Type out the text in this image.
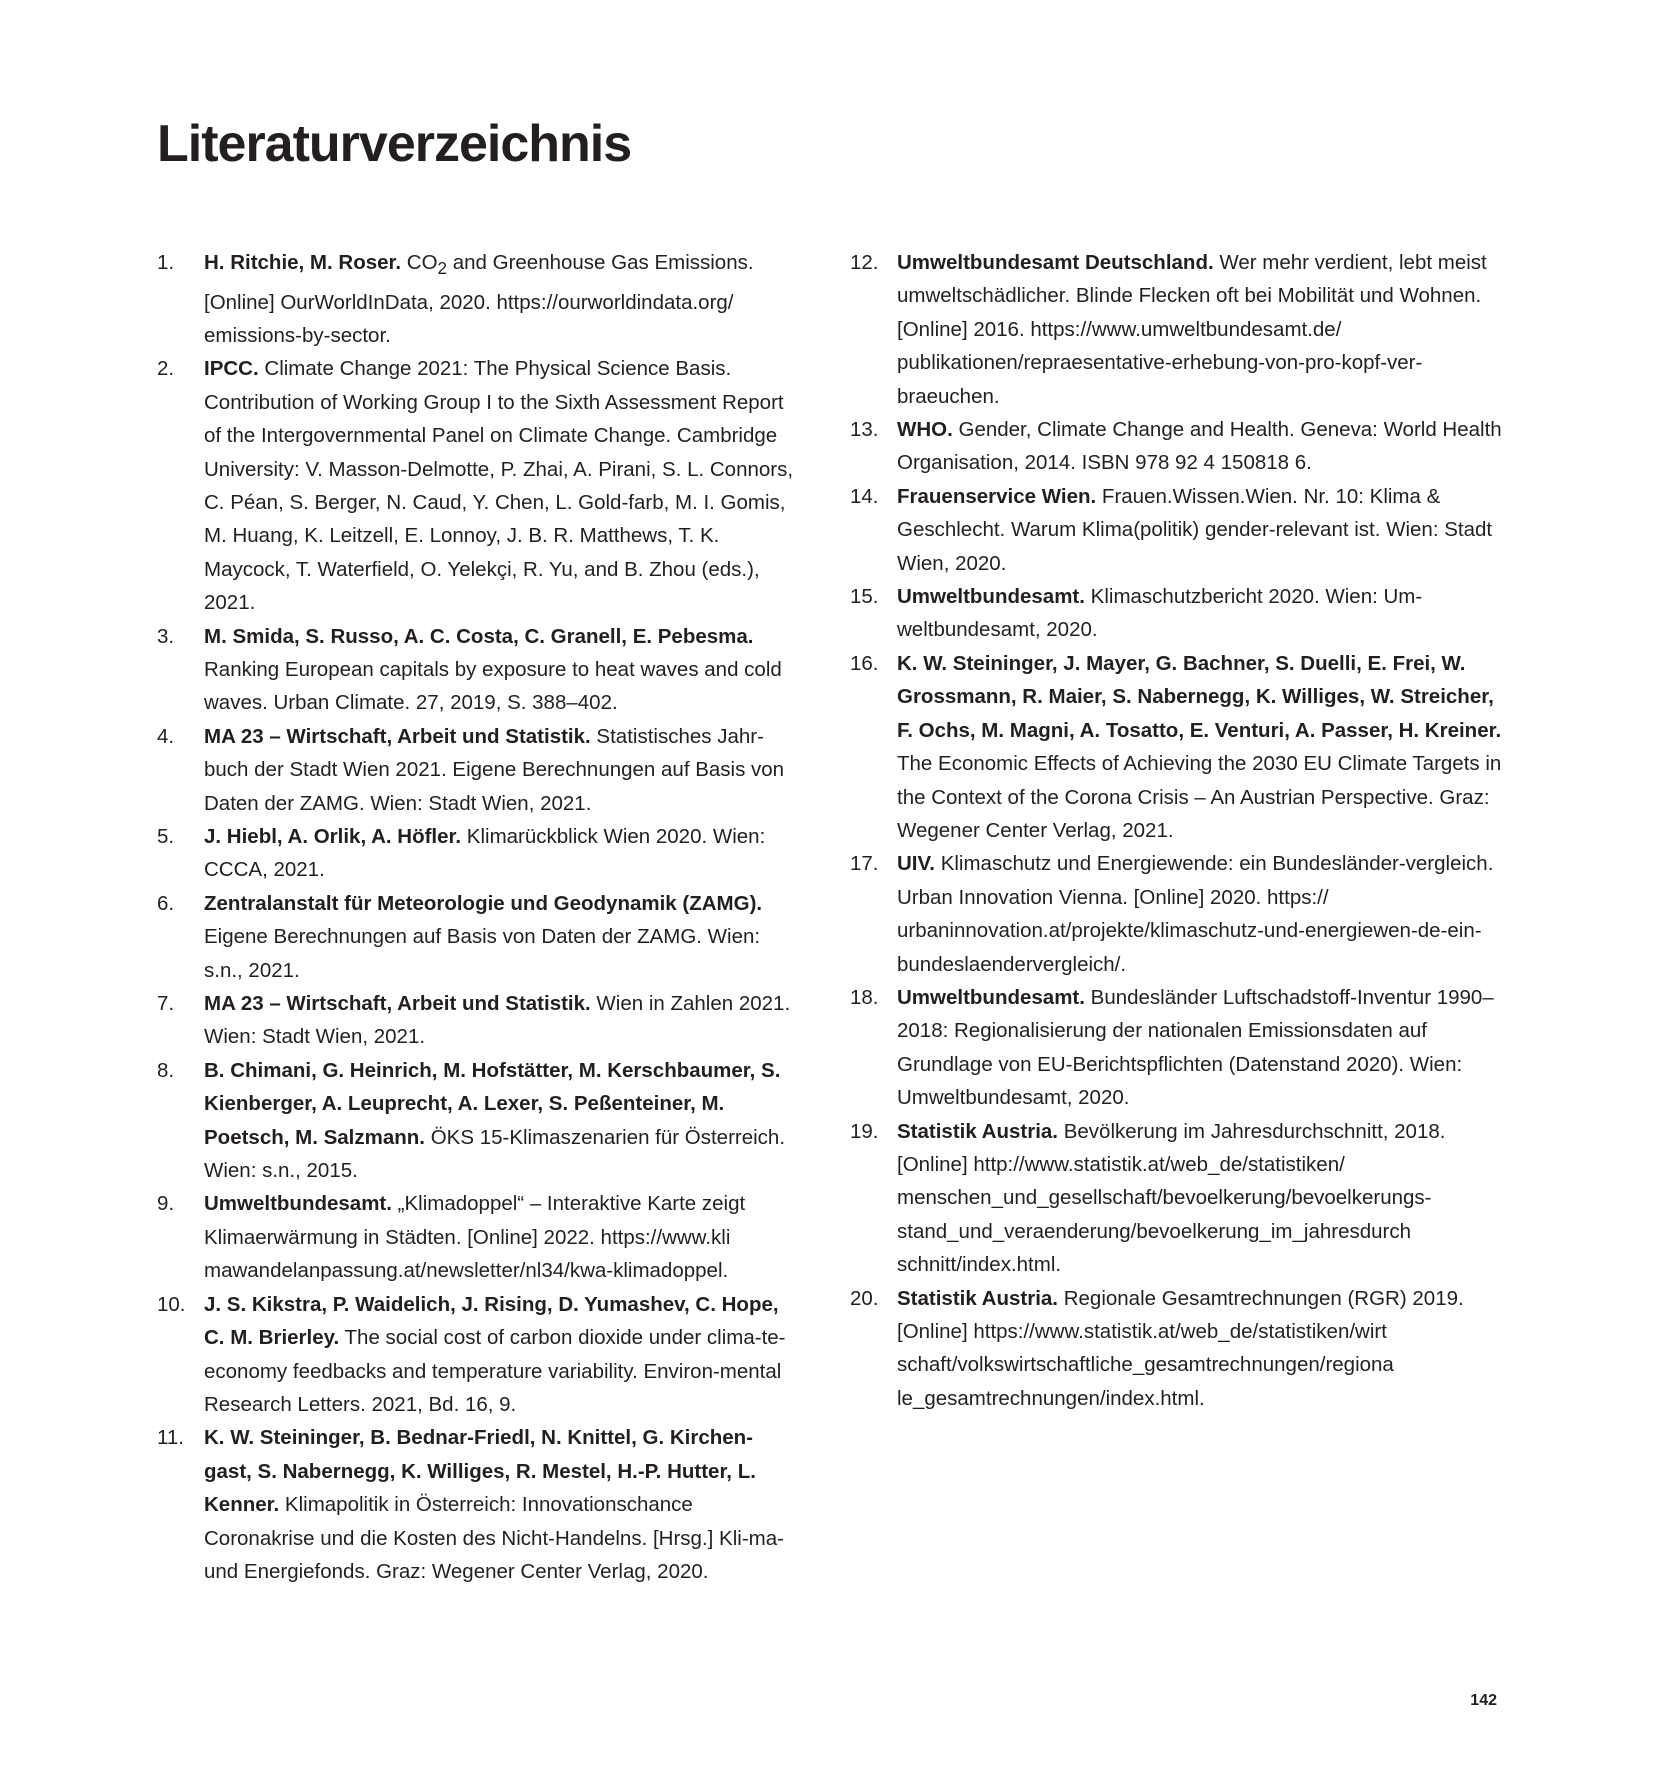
Literaturverzeichnis
1. H. Ritchie, M. Roser. $CO_2$ and Greenhouse Gas Emissions. [Online] OurWorldInData, 2020. https://ourworldindata.org/ emissions-by-sector.
2. IPCC. Climate Change 2021: The Physical Science Basis. Contribution of Working Group I to the Sixth Assessment Report of the Intergovernmental Panel on Climate Change. Cambridge University: V. Masson-Delmotte, P. Zhai, A. Pirani, S. L. Connors, C. Péan, S. Berger, N. Caud, Y. Chen, L. Gold-farb, M. I. Gomis, M. Huang, K. Leitzell, E. Lonnoy, J. B. R. Matthews, T. K. Maycock, T. Waterfield, O. Yelekçi, R. Yu, and B. Zhou (eds.), 2021.
3. M. Smida, S. Russo, A. C. Costa, C. Granell, E. Pebesma. Ranking European capitals by exposure to heat waves and cold waves. Urban Climate. 27, 2019, S. 388–402.
4. MA 23 – Wirtschaft, Arbeit und Statistik. Statistisches Jahr-buch der Stadt Wien 2021. Eigene Berechnungen auf Basis von Daten der ZAMG. Wien: Stadt Wien, 2021.
5. J. Hiebl, A. Orlik, A. Höfler. Klimarückblick Wien 2020. Wien: CCCA, 2021.
6. Zentralanstalt für Meteorologie und Geodynamik (ZAMG). Eigene Berechnungen auf Basis von Daten der ZAMG. Wien: s.n., 2021.
7. MA 23 – Wirtschaft, Arbeit und Statistik. Wien in Zahlen 2021. Wien: Stadt Wien, 2021.
8. B. Chimani, G. Heinrich, M. Hofstätter, M. Kerschbaumer, S. Kienberger, A. Leuprecht, A. Lexer, S. Peßenteiner, M. Poetsch, M. Salzmann. ÖKS 15-Klimaszenarien für Österreich. Wien: s.n., 2015.
9. Umweltbundesamt. „Klimadoppel“ – Interaktive Karte zeigt Klimaerwärmung in Städten. [Online] 2022. https://www.kli mawandelanpassung.at/newsletter/nl34/kwa-klimadoppel.
10. J. S. Kikstra, P. Waidelich, J. Rising, D. Yumashev, C. Hope, C. M. Brierley. The social cost of carbon dioxide under clima-te-economy feedbacks and temperature variability. Environ-mental Research Letters. 2021, Bd. 16, 9.
11. K. W. Steininger, B. Bednar-Friedl, N. Knittel, G. Kirchen-gast, S. Nabernegg, K. Williges, R. Mestel, H.-P. Hutter, L. Kenner. Klimapolitik in Österreich: Innovationschance Coronakrise und die Kosten des Nicht-Handelns. [Hrsg.] Kli-ma- und Energiefonds. Graz: Wegener Center Verlag, 2020.
12. Umweltbundesamt Deutschland. Wer mehr verdient, lebt meist umweltschädlicher. Blinde Flecken oft bei Mobilität und Wohnen. [Online] 2016. https://www.umweltbundesamt.de/ publikationen/repraesentative-erhebung-von-pro-kopf-ver-braeuchen.
13. WHO. Gender, Climate Change and Health. Geneva: World Health Organisation, 2014. ISBN 978 92 4 150818 6.
14. Frauenservice Wien. Frauen.Wissen.Wien. Nr. 10: Klima & Geschlecht. Warum Klima(politik) gender-relevant ist. Wien: Stadt Wien, 2020.
15. Umweltbundesamt. Klimaschutzbericht 2020. Wien: Um-weltbundesamt, 2020.
16. K. W. Steininger, J. Mayer, G. Bachner, S. Duelli, E. Frei, W. Grossmann, R. Maier, S. Nabernegg, K. Williges, W. Streicher, F. Ochs, M. Magni, A. Tosatto, E. Venturi, A. Passer, H. Kreiner. The Economic Effects of Achieving the 2030 EU Climate Targets in the Context of the Corona Crisis – An Austrian Perspective. Graz: Wegener Center Verlag, 2021.
17. UIV. Klimaschutz und Energiewende: ein Bundesländer-vergleich. Urban Innovation Vienna. [Online] 2020. https:// urbaninnovation.at/projekte/klimaschutz-und-energiewen-de-ein-bundeslaendervergleich/.
18. Umweltbundesamt. Bundesländer Luftschadstoff-Inventur 1990–2018: Regionalisierung der nationalen Emissionsdaten auf Grundlage von EU-Berichtspflichten (Datenstand 2020). Wien: Umweltbundesamt, 2020.
19. Statistik Austria. Bevölkerung im Jahresdurchschnitt, 2018. [Online] http://www.statistik.at/web_de/statistiken/ menschen_und_gesellschaft/bevoelkerung/bevoelkerungs-stand_und_veraenderung/bevoelkerung_im_jahresdurch schnitt/index.html.
20. Statistik Austria. Regionale Gesamtrechnungen (RGR) 2019. [Online] https://www.statistik.at/web_de/statistiken/wirt schaft/volkswirtschaftliche_gesamtrechnungen/regiona le_gesamtrechnungen/index.html.
142
